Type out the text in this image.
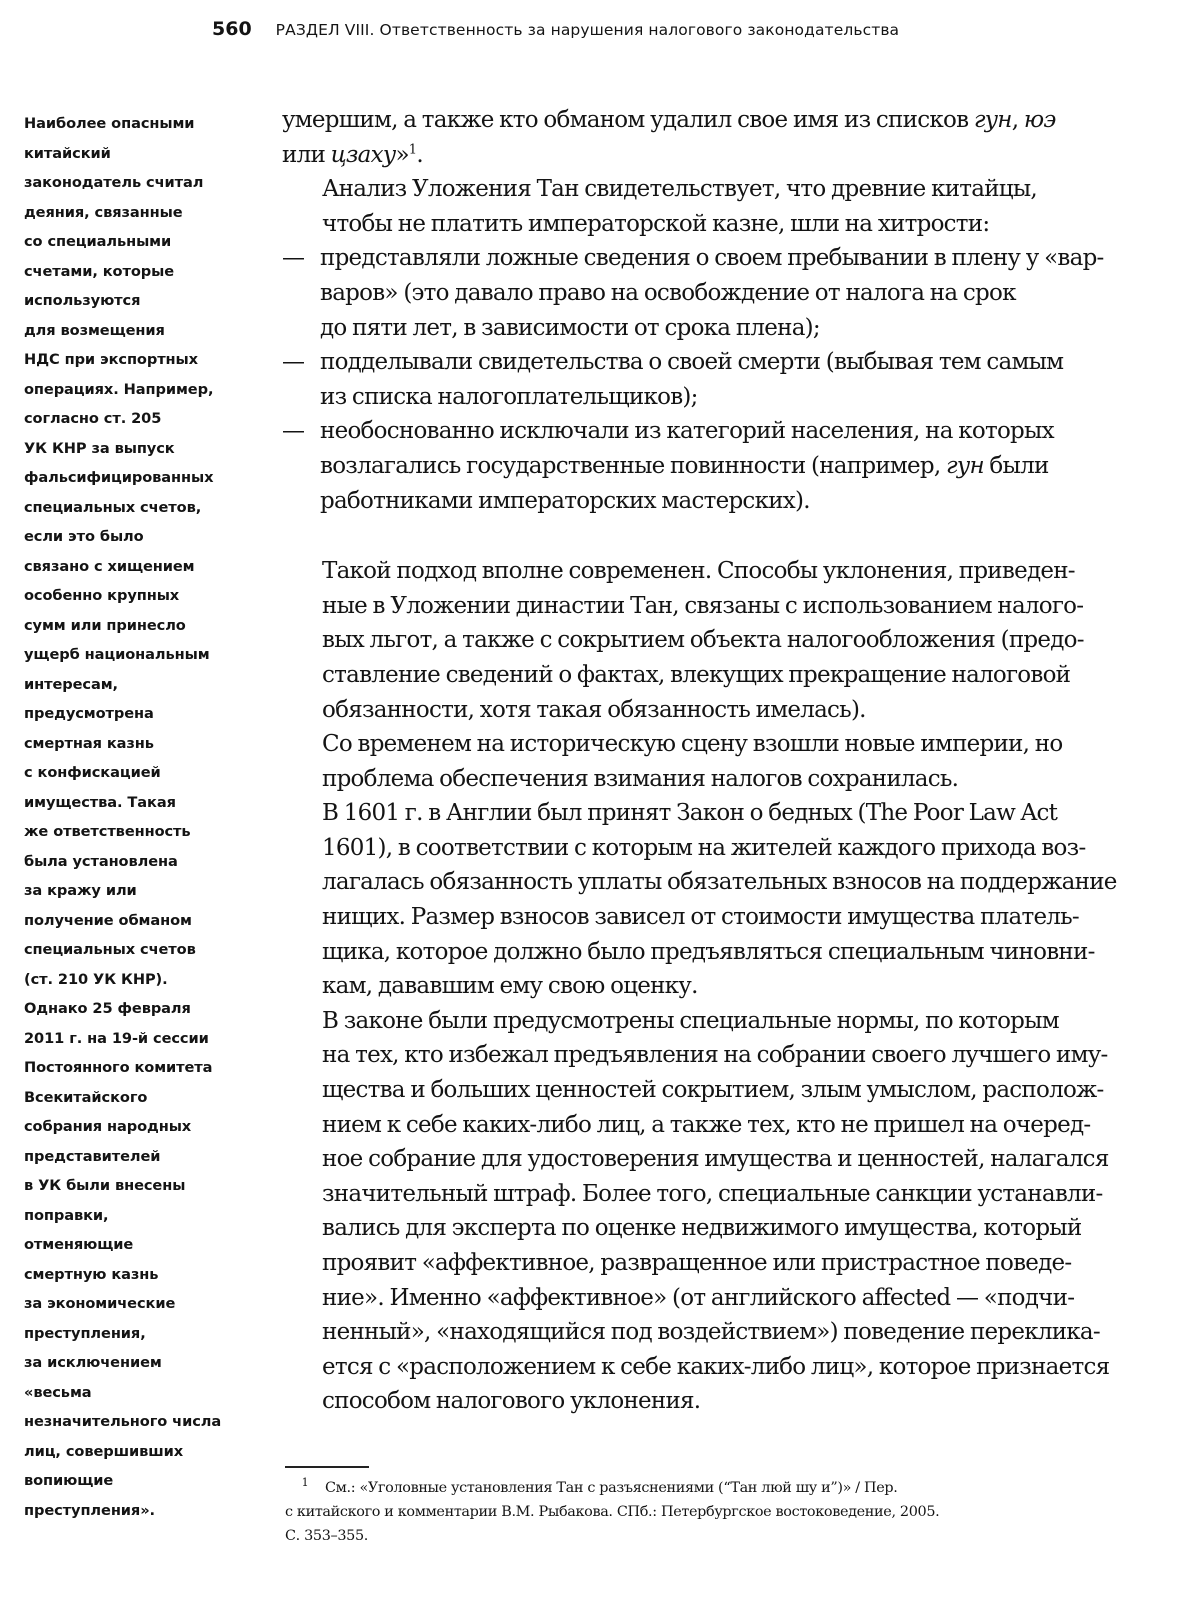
560 РАЗДЕЛ VIII. Ответственность за нарушения налогового законодательства
Наиболее опасными
китайский
законодатель считал
деяния, связанные
со специальными
счетами, которые
используются
для возмещения
НДС при экспортных
операциях. Например,
согласно ст. 205
УК КНР за выпуск
фальсифицированных
специальных счетов,
если это было
связано с хищением
особенно крупных
сумм или принесло
ущерб национальным
интересам,
предусмотрена
смертная казнь
с конфискацией
имущества. Такая
же ответственность
была установлена
за кражу или
получение обманом
специальных счетов
(ст. 210 УК КНР).
Однако 25 февраля
2011 г. на 19-й сессии
Постоянного комитета
Всекитайского
собрания народных
представителей
в УК были внесены
поправки,
отменяющие
смертную казнь
за экономические
преступления,
за исключением
«весьма
незначительного числа
лиц, совершивших
вопиющие
преступления».

умершим, а также кто обманом удалил свое имя из списков гун, юэ
или цзаху»$^1$.

Анализ Уложения Тан свидетельствует, что древние китайцы,
чтобы не платить императорской казне, шли на хитрости:

— представляли ложные сведения о своем пребывании в плену у «вар-
варов» (это давало право на освобождение от налога на срок
до пяти лет, в зависимости от срока плена);
— подделывали свидетельства о своей смерти (выбывая тем самым
из списка налогоплательщиков);
— необоснованно исключали из категорий населения, на которых
возлагались государственные повинности (например, гун были
работниками императорских мастерских).

Такой подход вполне современен. Способы уклонения, приведен-
ные в Уложении династии Тан, связаны с использованием налого-
вых льгот, а также с сокрытием объекта налогообложения (предо-
ставление сведений о фактах, влекущих прекращение налоговой
обязанности, хотя такая обязанность имелась).

Со временем на историческую сцену взошли новые империи, но
проблема обеспечения взимания налогов сохранилась.

В 1601 г. в Англии был принят Закон о бедных (The Poor Law Act
1601), в соответствии с которым на жителей каждого прихода воз-
лагалась обязанность уплаты обязательных взносов на поддержание
нищих. Размер взносов зависел от стоимости имущества платель-
щика, которое должно было предъявляться специальным чиновни-
кам, дававшим ему свою оценку.

В законе были предусмотрены специальные нормы, по которым
на тех, кто избежал предъявления на собрании своего лучшего иму-
щества и больших ценностей сокрытием, злым умыслом, располож-
нием к себе каких-либо лиц, а также тех, кто не пришел на очеред-
ное собрание для удостоверения имущества и ценностей, налагался
значительный штраф. Более того, специальные санкции устанавли-
вались для эксперта по оценке недвижимого имущества, который
проявит «аффективное, развращенное или пристрастное поведе-
ние». Именно «аффективное» (от английского affected — «подчи-
ненный», «находящийся под воздействием») поведение переклика-
ется с «расположением к себе каких-либо лиц», которое признается
способом налогового уклонения.

1 См.: «Уголовные установления Тан с разъяснениями (“Тан люй шу и”)» / Пер.
с китайского и комментарии В.М. Рыбакова. СПб.: Петербургское востоковедение, 2005.
С. 353–355.
